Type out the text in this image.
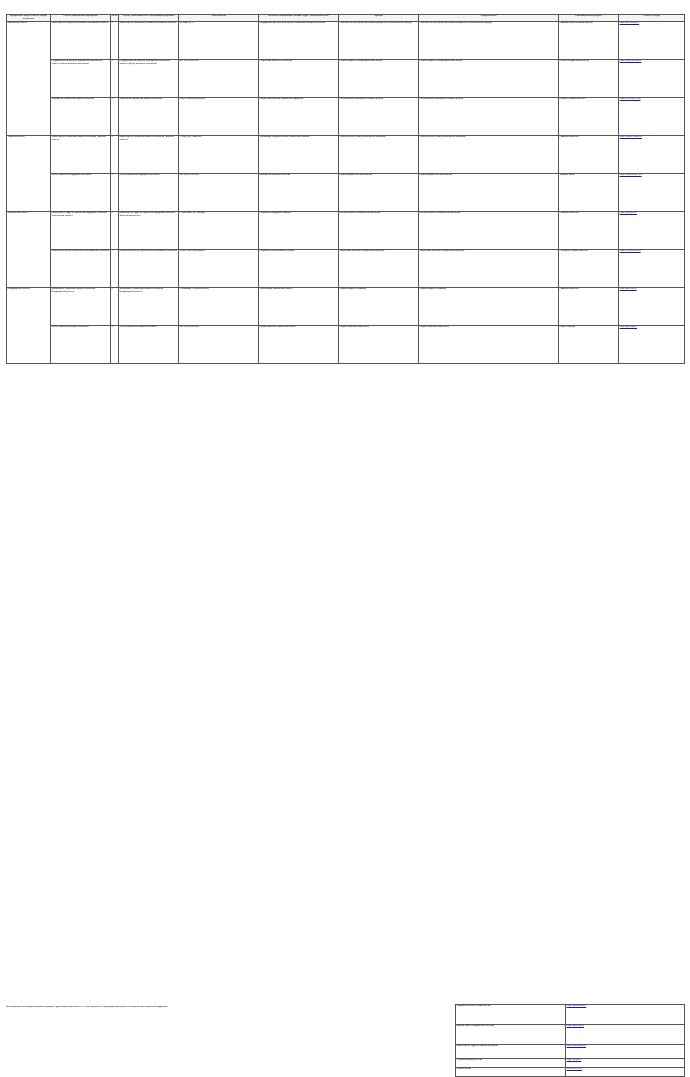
Федеральные округа, области, города, республики	Полное наименование учреждения	№ п/п	Органы, уполномоченные на реализацию программы	Ответственный	Контактная информация (телефон, адрес, электронная почта)	Функции	Порядок работы	Информационные ресурсы	Ссылка на ресурс
Московская область	Министерство социального развития Московской области	1	Министерство социального развития Московской области	пр. Мира, д. 8	Координация деятельности органов социальной защиты населения	Оказание консультационной помощи гражданам в установленном порядке	Оказание консультационной помощи гражданам в установленном порядке	Официальный сайт министерства	https://msr.mosreg.ru
	Государственное казенное учреждение Московской области «Центр занятости населения»	2	Государственное казенное учреждение Московской области «Центр занятости населения»	тел. (495) 000-00-00	Содействие занятости населения	Прием граждан по предварительной записи	Прием граждан по предварительной записи	Портал государственных услуг	https://uslugi.mosreg.ru
	Управление социальной защиты населения	3	Управление социальной защиты населения	e-mail: usznmo@mosreg.ru	Предоставление мер социальной поддержки	Рассмотрение обращений в течение 30 дней	Рассмотрение обращений в течение 30 дней	Группа в социальной сети	https://vk.com/msr_mo
Тверская область	Министерство социальной защиты населения Тверской области	4	Министерство социальной защиты населения Тверской области	г. Тверь, ул. Советская	Реализация государственной социальной политики	Оказание услуг по месту жительства заявителя	Оказание услуг по месту жительства заявителя	Официальный сайт	https://minsoc.tverreg.ru
	Центр социальной поддержки населения	5	Центр социальной поддержки населения	тел. (4822) 00-00-00	Назначение и выплата пособий	Прием документов в рабочие дни	Прием документов в рабочие дни	Telegram-канал	https://t.me/minsoc_tver
Ярославская область	Министерство труда и социальной поддержки населения Ярославской области	6	Министерство труда и социальной поддержки населения Ярославской области	г. Ярославль, ул. Свободы	Социальная поддержка граждан	Консультации по телефону горячей линии	Консультации по телефону горячей линии	Официальный сайт	https://yarregion.ru
	Комплексный центр социального обслуживания населения	7	Комплексный центр социального обслуживания населения	e-mail: kcson@yarregion.ru	Социальное обслуживание на дому	Заключение договора о предоставлении услуг	Заключение договора о предоставлении услуг	Страница в социальной сети	https://vk.com/kcson76
Владимирская область	Департамент социальной защиты населения Владимирской области	8	Департамент социальной защиты населения Владимирской области	г. Владимир, Октябрьский пр-т	Организация социальной защиты	Прием граждан по графику	Прием граждан по графику	Официальный сайт	https://dszn.avo.ru
	Центр социальной защиты населения	9	Центр социальной защиты населения	тел. (4922) 00-00-00	Предоставление социальных выплат	Подача заявления через МФЦ	Подача заявления через МФЦ	Портал госуслуг	https://gosuslugi.ru
При обращении необходимо предъявить документ, удостоверяющий личность, а также документы, подтверждающие право на получение мер социальной поддержки.	Официальный сайт Правительства	https://government.ru
Единый портал государственных услуг	https://gosuslugi.ru
Министерство труда и социальной защиты	https://mintrud.gov.ru
Социальный фонд России	https://sfr.gov.ru
Горячая линия	8-800-000-00-00
